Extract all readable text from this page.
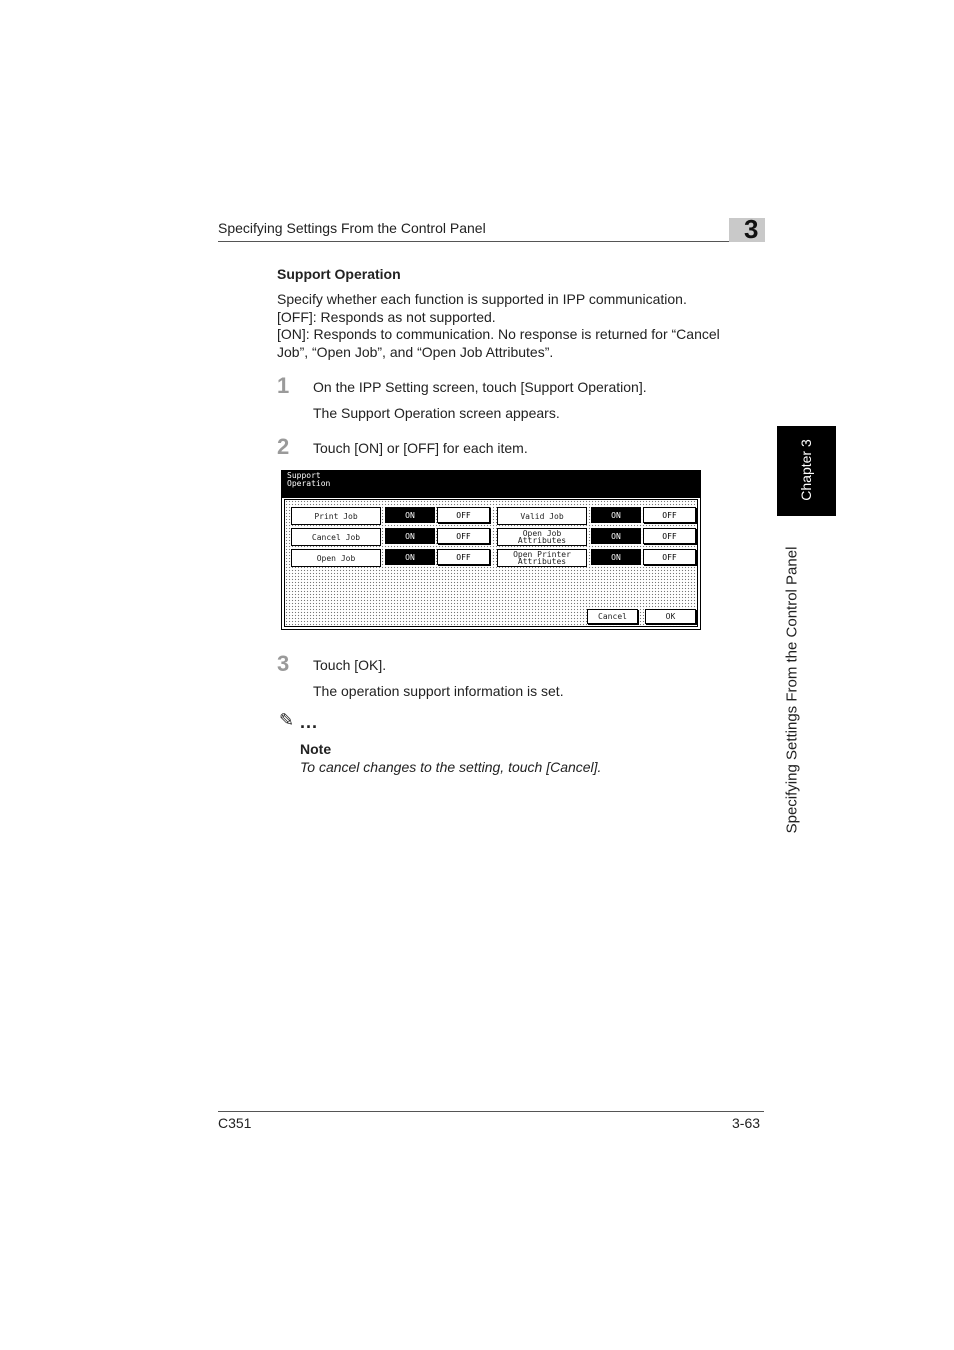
Specifying Settings From the Control Panel	3
Chapter 3
Specifying Settings From the Control Panel
Support Operation
Specify whether each function is supported in IPP communication.
[OFF]: Responds as not supported.
[ON]: Responds to communication. No response is returned for “Cancel
Job”, “Open Job”, and “Open Job Attributes”.
1 On the IPP Setting screen, touch [Support Operation].
The Support Operation screen appears.
2 Touch [ON] or [OFF] for each item.
Support Operation
Print Job	ON	OFF
Cancel Job	ON	OFF
Open Job	ON	OFF
Valid Job	ON	OFF
Open Job Attributes	ON	OFF
Open Printer Attributes	ON	OFF
Cancel	OK
3 Touch [OK].
The operation support information is set.
✎ ...
Note
To cancel changes to the setting, touch [Cancel].
C351	3-63
